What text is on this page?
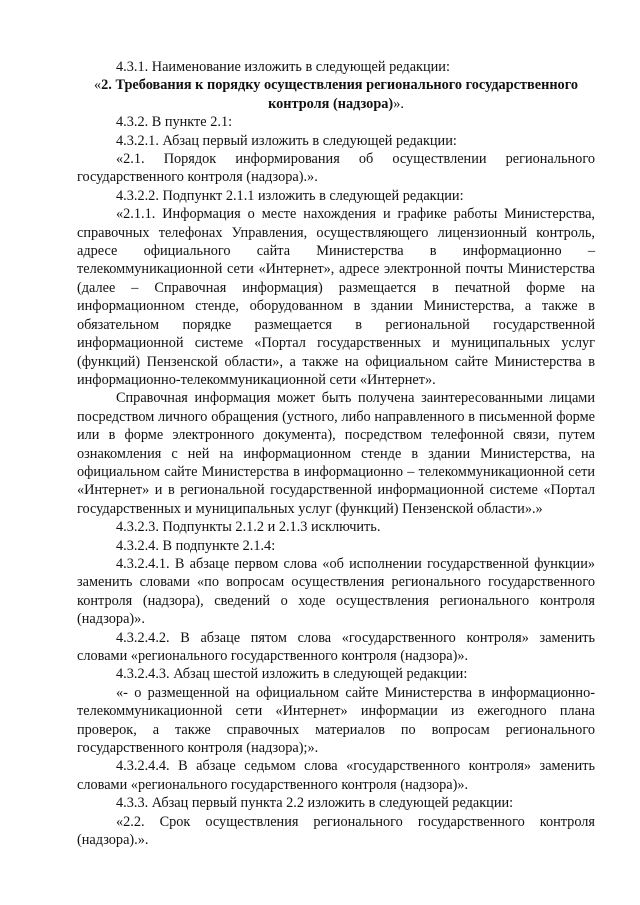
4.3.1. Наименование изложить в следующей редакции:

«2. Требования к порядку осуществления регионального государственного контроля (надзора)».

4.3.2. В пункте 2.1:

4.3.2.1. Абзац первый изложить в следующей редакции:

«2.1. Порядок информирования об осуществлении регионального государственного контроля (надзора).».

4.3.2.2. Подпункт 2.1.1 изложить в следующей редакции:

«2.1.1. Информация о месте нахождения и графике работы Министерства, справочных телефонах Управления, осуществляющего лицензионный контроль, адресе официального сайта Министерства в информационно – телекоммуникационной сети «Интернет», адресе электронной почты Министерства (далее – Справочная информация) размещается в печатной форме на информационном стенде, оборудованном в здании Министерства, а также в обязательном порядке размещается в региональной государственной информационной системе «Портал государственных и муниципальных услуг (функций) Пензенской области», а также на официальном сайте Министерства в информационно-телекоммуникационной сети «Интернет».

Справочная информация может быть получена заинтересованными лицами посредством личного обращения (устного, либо направленного в письменной форме или в форме электронного документа), посредством телефонной связи, путем ознакомления с ней на информационном стенде в здании Министерства, на официальном сайте Министерства в информационно – телекоммуникационной сети «Интернет» и в региональной государственной информационной системе «Портал государственных и муниципальных услуг (функций) Пензенской области».»

4.3.2.3. Подпункты 2.1.2 и 2.1.3 исключить.

4.3.2.4. В подпункте 2.1.4:

4.3.2.4.1. В абзаце первом слова «об исполнении государственной функции» заменить словами «по вопросам осуществления регионального государственного контроля (надзора), сведений о ходе осуществления регионального контроля (надзора)».

4.3.2.4.2. В абзаце пятом слова «государственного контроля» заменить словами «регионального государственного контроля (надзора)».

4.3.2.4.3. Абзац шестой изложить в следующей редакции:

«- о размещенной на официальном сайте Министерства в информационно-телекоммуникационной сети «Интернет» информации из ежегодного плана проверок, а также справочных материалов по вопросам регионального государственного контроля (надзора);».

4.3.2.4.4. В абзаце седьмом слова «государственного контроля» заменить словами «регионального государственного контроля (надзора)».

4.3.3. Абзац первый пункта 2.2 изложить в следующей редакции:

«2.2. Срок осуществления регионального государственного контроля (надзора).».
